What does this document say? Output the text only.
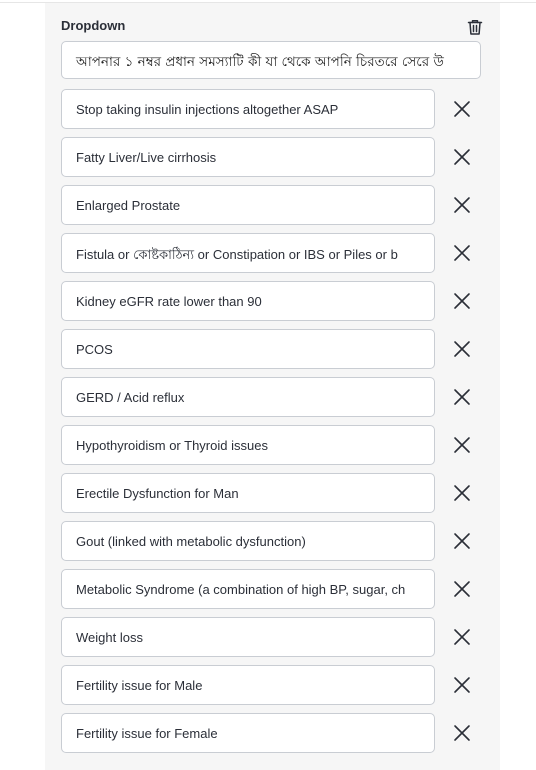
Dropdown
আপনার ১ নম্বর প্রধান সমস্যাটি কী যা থেকে আপনি চিরতরে সেরে উ
Stop taking insulin injections altogether ASAP
Fatty Liver/Live cirrhosis
Enlarged Prostate
Fistula or কোষ্টকাঠিন্য or Constipation or IBS or Piles or b
Kidney eGFR rate lower than 90
PCOS
GERD / Acid reflux
Hypothyroidism or Thyroid issues
Erectile Dysfunction for Man
Gout (linked with metabolic dysfunction)
Metabolic Syndrome (a combination of high BP, sugar, ch
Weight loss
Fertility issue for Male
Fertility issue for Female
